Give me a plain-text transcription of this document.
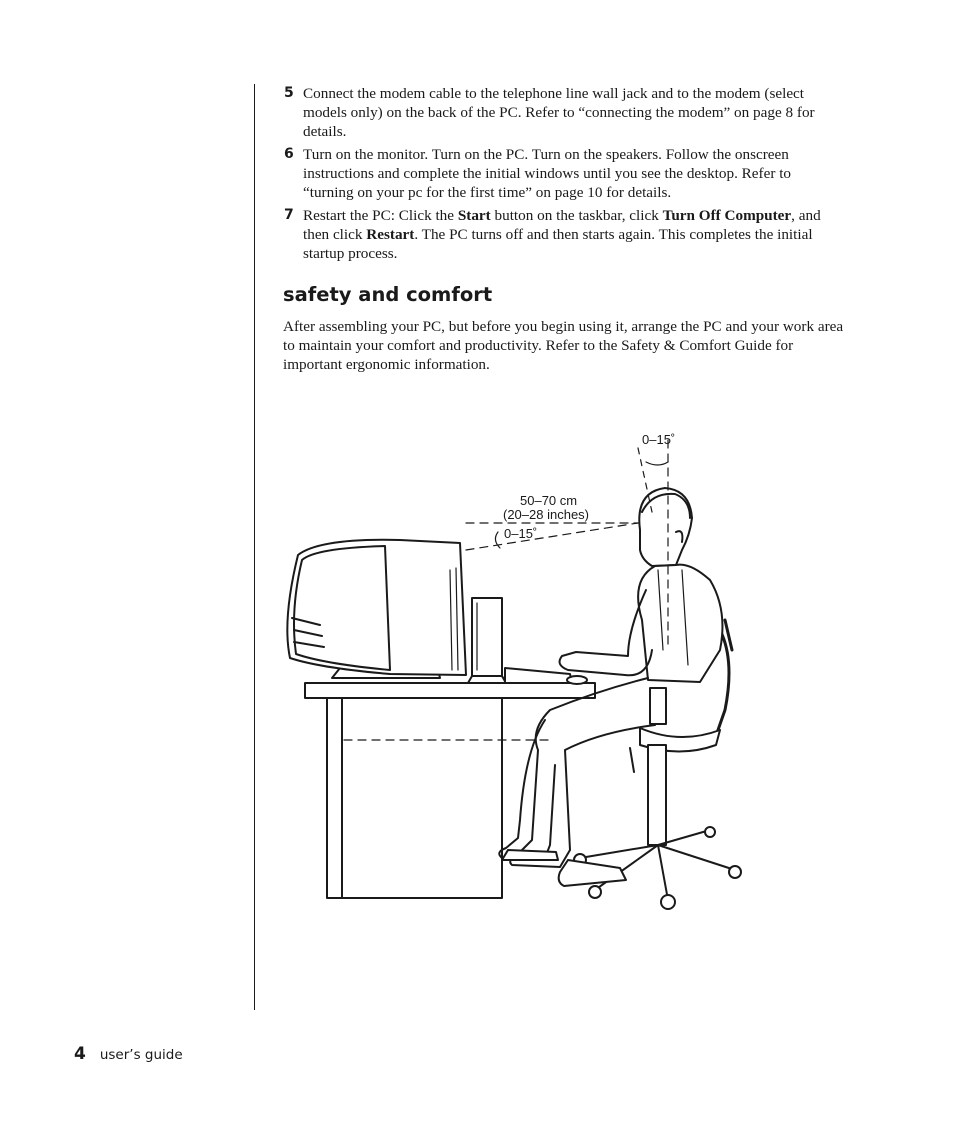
5 Connect the modem cable to the telephone line wall jack and to the modem (select models only) on the back of the PC. Refer to “connecting the modem” on page 8 for details.
6 Turn on the monitor. Turn on the PC. Turn on the speakers. Follow the onscreen instructions and complete the initial windows until you see the desktop. Refer to “turning on your pc for the first time” on page 10 for details.
7 Restart the PC: Click the Start button on the taskbar, click Turn Off Computer, and then click Restart. The PC turns off and then starts again. This completes the initial startup process.
safety and comfort

After assembling your PC, but before you begin using it, arrange the PC and your work area to maintain your comfort and productivity. Refer to the Safety & Comfort Guide for important ergonomic information.

0–15˚
50–70 cm
(20–28 inches)
0–15˚
4 user’s guide
